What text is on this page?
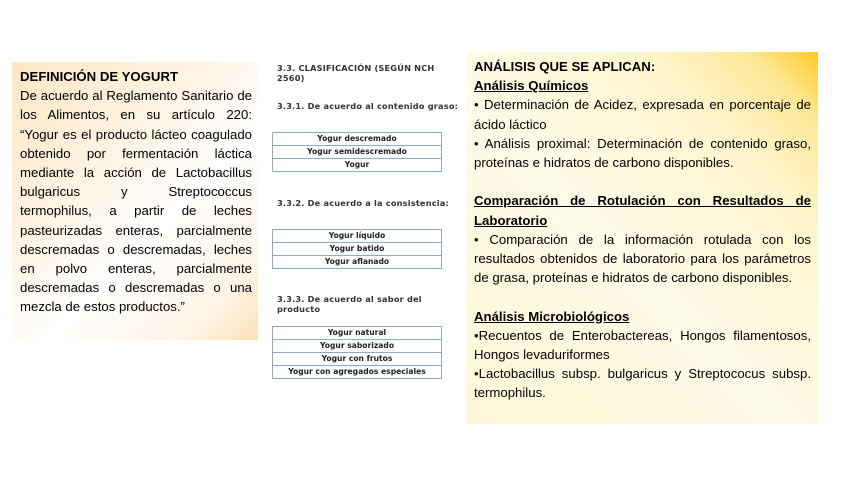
DEFINICIÓN DE YOGURT
De acuerdo al Reglamento Sanitario de los Alimentos, en su artículo 220: “Yogur es el producto lácteo coagulado obtenido por fermentación láctica mediante la acción de Lactobacillus bulgaricus y Streptococcus termophilus, a partir de leches pasteurizadas enteras, parcialmente descremadas o descremadas, leches en polvo enteras, parcialmente descremadas o descremadas o una mezcla de estos productos.”
3.3. CLASIFICACIÓN (SEGÚN NCH 2560)
3.3.1. De acuerdo al contenido graso:
Yogur descremado
Yogur semidescremado
Yogur
3.3.2. De acuerdo a la consistencia:
Yogur líquido
Yogur batido
Yogur aflanado
3.3.3. De acuerdo al sabor del producto
Yogur natural
Yogur saborizado
Yogur con frutos
Yogur con agregados especiales
ANÁLISIS QUE SE APLICAN:
Análisis Químicos
• Determinación de Acidez, expresada en porcentaje de ácido láctico
• Análisis proximal: Determinación de contenido graso, proteínas e hidratos de carbono disponibles.
Comparación de Rotulación con Resultados de Laboratorio
• Comparación de la información rotulada con los resultados obtenidos de laboratorio para los parámetros de grasa, proteínas e hidratos de carbono disponibles.
Análisis Microbiológicos
•Recuentos de Enterobactereas, Hongos filamentosos, Hongos levaduriformes
•Lactobacillus subsp. bulgaricus y Streptococus subsp. termophilus.
